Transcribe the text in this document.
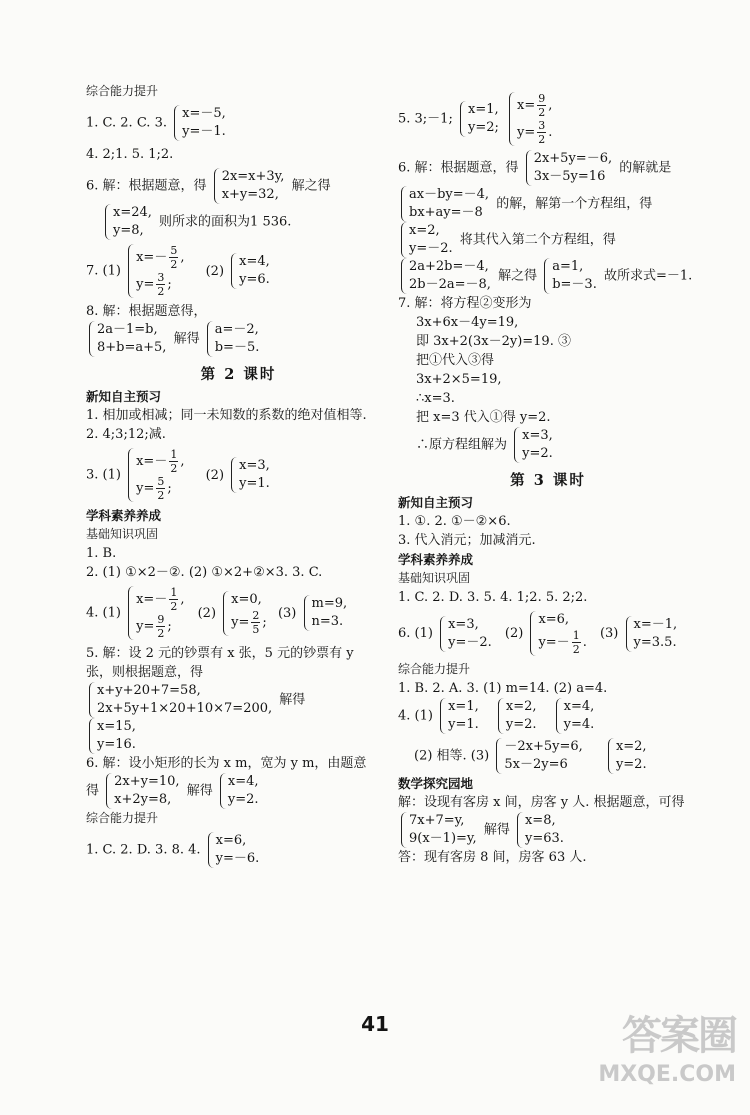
综合能力提升
1. C. 2. C. 3.
x=－5,
y=－1.
4. 2;1. 5. 1;2.
6. 解：根据题意，得
2x=x+3y,
x+y=32,
解之得
x=24,
y=8,
则所求的面积为1 536.
7. (1)
$x=- \frac{5}{2}$ ,
$y= \frac{3}{2}$ ;
(2)
x=4,
y=6.
8. 解：根据题意得，
2a－1=b,
8+b=a+5,
解得
a=－2,
b=－5.
第 2 课时
新知自主预习
1. 相加或相减；同一未知数的系数的绝对值相等.
2. 4;3;12;减.
3. (1)
$x=- \frac{1}{2}$ ,
$y= \frac{5}{2}$ ;
(2)
x=3,
y=1.
学科素养养成
基础知识巩固
1. B.
2. (1) ①×2－②. (2) ①×2+②×3. 3. C.
4. (1)
$x=- \frac{1}{2}$ ,
$y= \frac{9}{2}$ ;
(2)
x=0,
$y= \frac{2}{5}$ ;
(3)
m=9,
n=3.
5. 解：设 2 元的钞票有 x 张，5 元的钞票有 y
张，则根据题意，得
x+y+20+7=58,
2x+5y+1×20+10×7=200,
解得
x=15,
y=16.
6. 解：设小矩形的长为 x m，宽为 y m，由题意
得
2x+y=10,
x+2y=8,
解得
x=4,
y=2.
综合能力提升
1. C. 2. D. 3. 8. 4.
x=6,
y=－6.
5. 3;－1;
x=1,
y=2;

$x= \frac{9}{2}$ ,
$y= \frac{3}{2}$ .
6. 解：根据题意，得
2x+5y=－6,
3x－5y=16
的解就是
ax－by=－4,
bx+ay=－8
的解，解第一个方程组，得
x=2,
y=－2.
将其代入第二个方程组，得
2a+2b=－4,
2b－2a=－8,
解之得
a=1,
b=－3.
故所求式=－1.
7. 解：将方程②变形为
3x+6x－4y=19,
即 3x+2(3x－2y)=19. ③
把①代入③得
3x+2×5=19,
∴x=3.
把 x=3 代入①得 y=2.
∴原方程组解为
x=3,
y=2.
第 3 课时
新知自主预习
1. ①. 2. ①－②×6.
3. 代入消元；加减消元.
学科素养养成
基础知识巩固
1. C. 2. D. 3. 5. 4. 1;2. 5. 2;2.
6. (1)
x=3,
y=－2.
(2)
x=6,
$y=- \frac{1}{2}$ .
(3)
x=－1,
y=3.5.
综合能力提升
1. B. 2. A. 3. (1) m=14. (2) a=4.
4. (1)
x=1,
y=1.

x=2,
y=2.

x=4,
y=4.
(2) 相等. (3)
－2x+5y=6,
5x－2y=6

x=2,
y=2.
数学探究园地
解：设现有客房 x 间，房客 y 人. 根据题意，可得
7x+7=y,
9(x－1)=y,
解得
x=8,
y=63.
答：现有客房 8 间，房客 63 人.
41	答案圈
MXQE.COM
